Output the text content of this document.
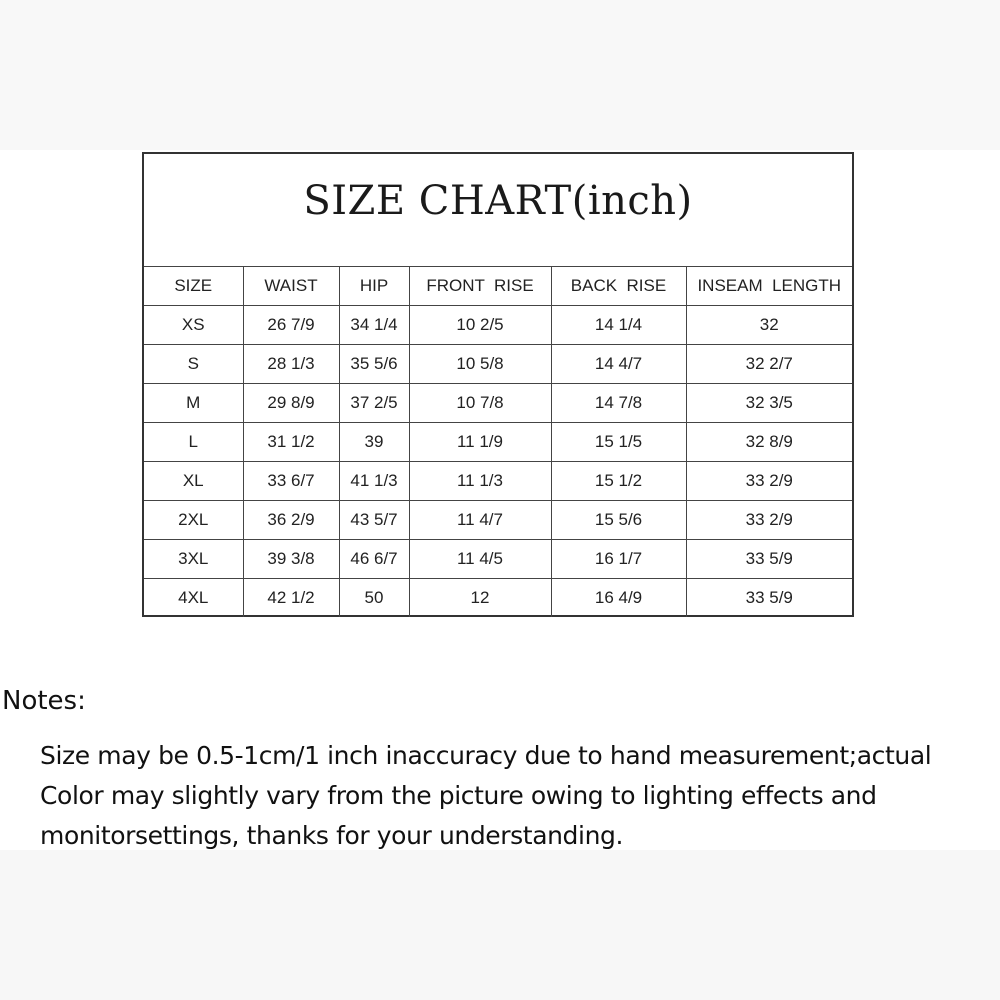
SIZE CHART(inch)
SIZE	WAIST	HIP	FRONT  RISE	BACK  RISE	INSEAM  LENGTH
XS	26 7/9	34 1/4	10 2/5	14 1/4	32
S	28 1/3	35 5/6	10 5/8	14 4/7	32 2/7
M	29 8/9	37 2/5	10 7/8	14 7/8	32 3/5
L	31 1/2	39	11 1/9	15 1/5	32 8/9
XL	33 6/7	41 1/3	11 1/3	15 1/2	33 2/9
2XL	36 2/9	43 5/7	11 4/7	15 5/6	33 2/9
3XL	39 3/8	46 6/7	11 4/5	16 1/7	33 5/9
4XL	42 1/2	50	12	16 4/9	33 5/9
Notes:
Size may be 0.5-1cm/1 inch inaccuracy due to hand measurement;actual
Color may slightly vary from the picture owing to lighting effects and
monitorsettings, thanks for your understanding.
